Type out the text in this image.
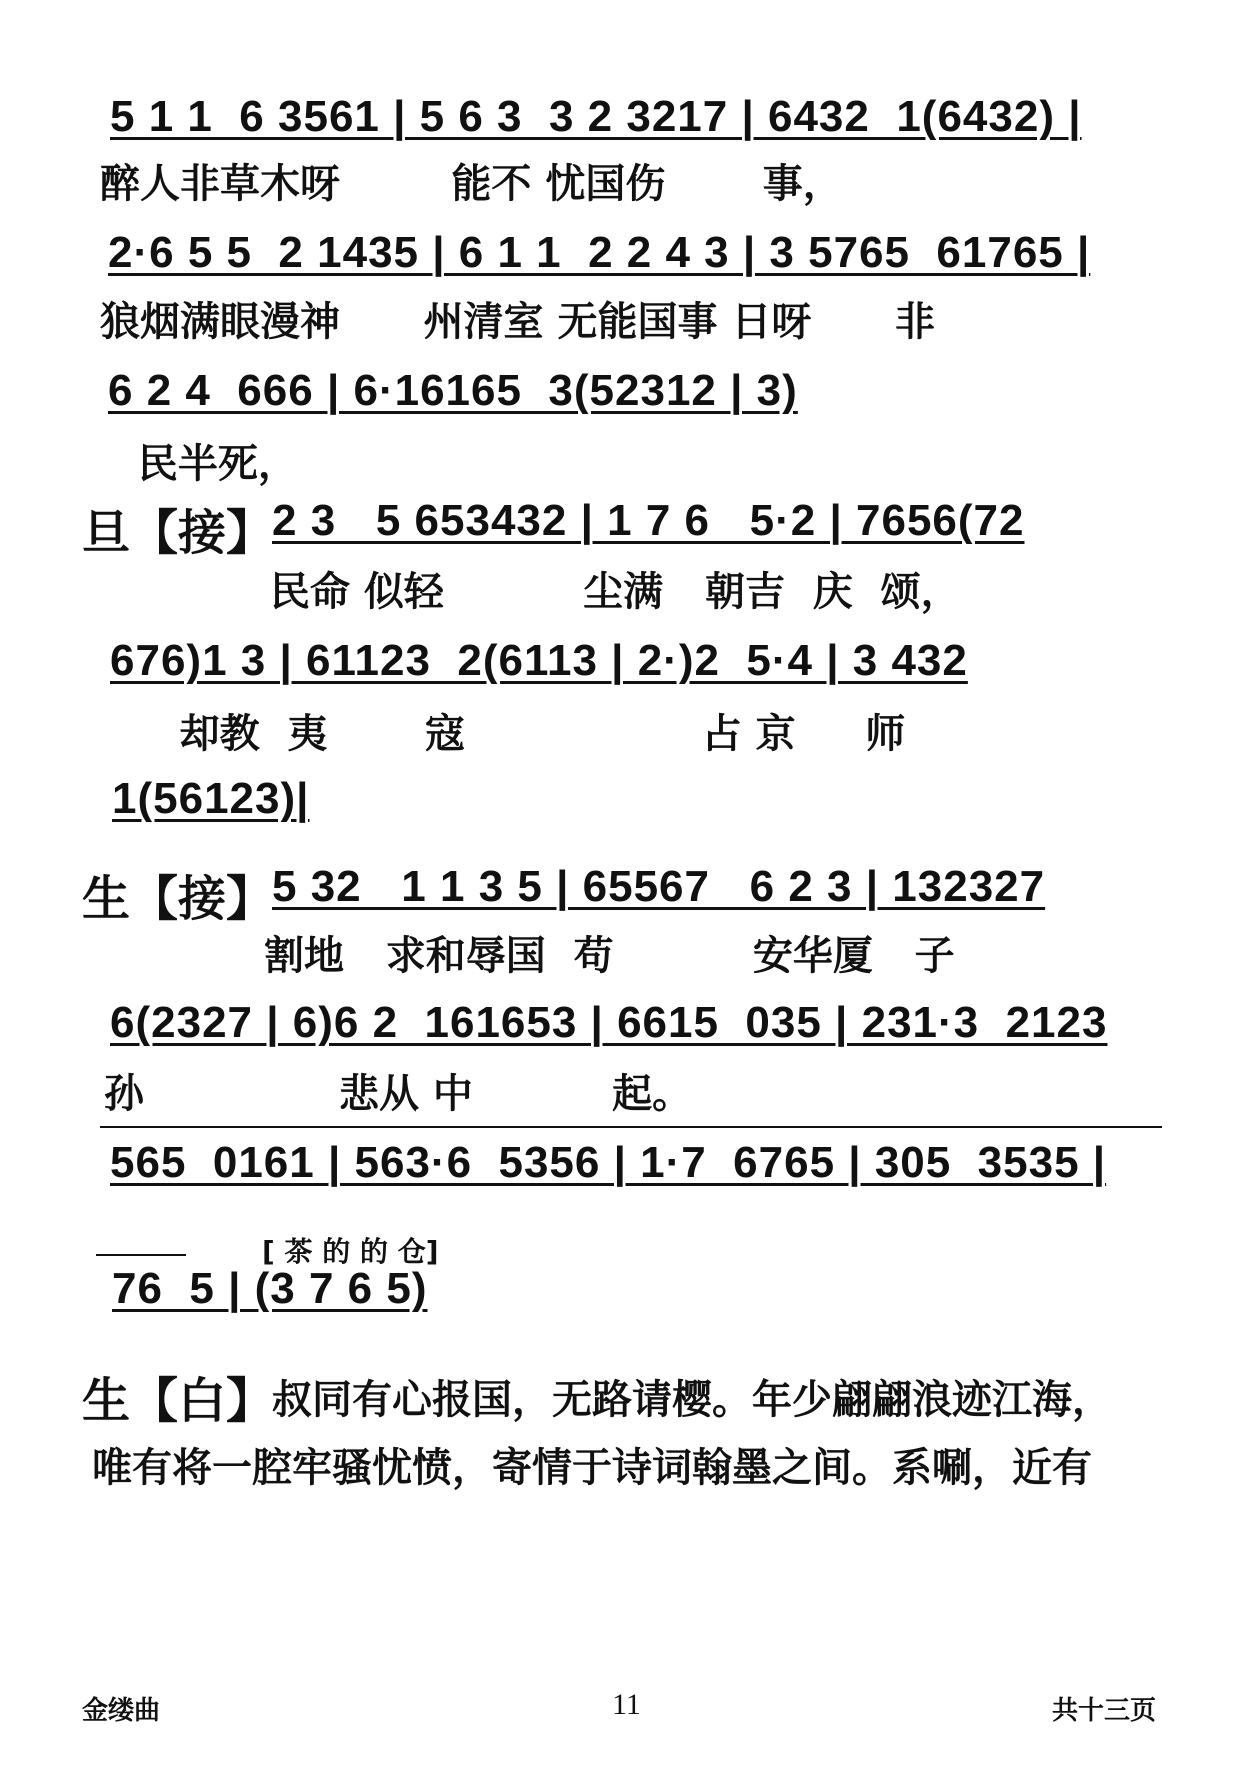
5 1 1  6 3561 | 5 6 3  3 2 3217 | 6432  1(6432) |
醉人非草木呀        能不 忧国伤       事，
2·6 5 5  2 1435 | 6 1 1  2 2 4 3 | 3 5765  61765 |
狼烟满眼漫神      州清室 无能国事 日呀      非
6 2 4  666 | 6·16165  3(52312 | 3)
民半死，
旦【接】
2 3   5 653432 | 1 7 6   5·2 | 7656(72
民命 似轻          尘满   朝吉  庆  颂，
676)1 3 | 61123  2(6113 | 2·)2  5·4 | 3 432
却教  夷       寇                 占 京     师
1(56123)|
生【接】
5 32   1 1 3 5 | 65567   6 2 3 | 132327
割地   求和辱国  苟          安华厦   子
6(2327 | 6)6 2  161653 | 6615  035 | 231·3  2123
孙              悲从 中          起。
565  0161 | 563·6  5356 | 1·7  6765 | 305  3535 |
[ 茶 的 的 仓]
76  5 | (3 7 6 5)
生【白】
叔同有心报国，无路请樱。年少翩翩浪迹江海，
唯有将一腔牢骚忧愤，寄情于诗词翰墨之间。系唰，近有
金缕曲	11	共十三页
